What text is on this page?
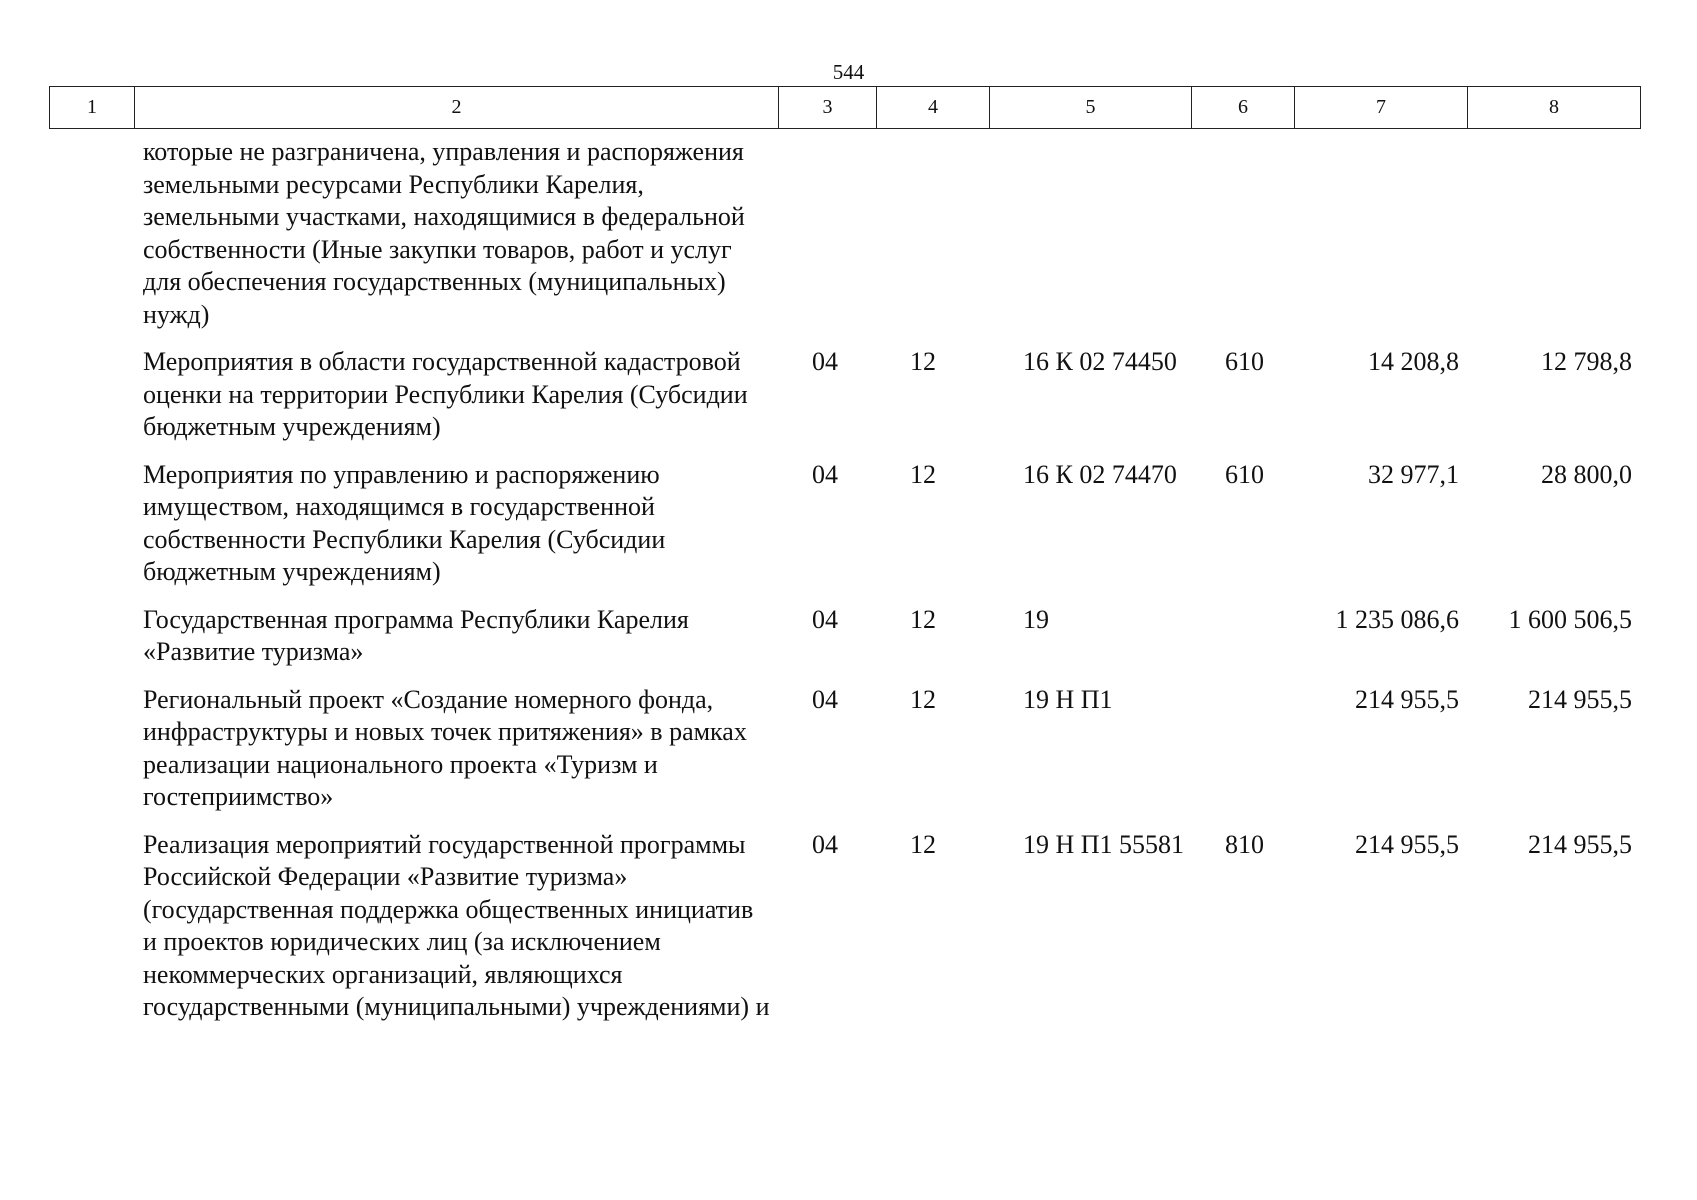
544
1	2	3	4	5	6	7	8
которые не разграничена, управления и распоряжения земельными ресурсами Республики Карелия, земельными участками, находящимися в федеральной собственности (Иные закупки товаров, работ и услуг для обеспечения государственных (муниципальных) нужд)						
Мероприятия в области государственной кадастровой оценки на территории Республики Карелия (Субсидии бюджетным учреждениям)	04	12	16 К 02 74450	610	14 208,8	12 798,8
Мероприятия по управлению и распоряжению имуществом, находящимся в государственной собственности Республики Карелия (Субсидии бюджетным учреждениям)	04	12	16 К 02 74470	610	32 977,1	28 800,0
Государственная программа Республики Карелия «Развитие туризма»	04	12	19		1 235 086,6	1 600 506,5
Региональный проект «Создание номерного фонда, инфраструктуры и новых точек притяжения» в рамках реализации национального проекта «Туризм и гостеприимство»	04	12	19 Н П1		214 955,5	214 955,5
Реализация мероприятий государственной программы Российской Федерации «Развитие туризма» (государственная поддержка общественных инициатив и проектов юридических лиц (за исключением некоммерческих организаций, являющихся государственными (муниципальными) учреждениями) и	04	12	19 Н П1 55581	810	214 955,5	214 955,5
